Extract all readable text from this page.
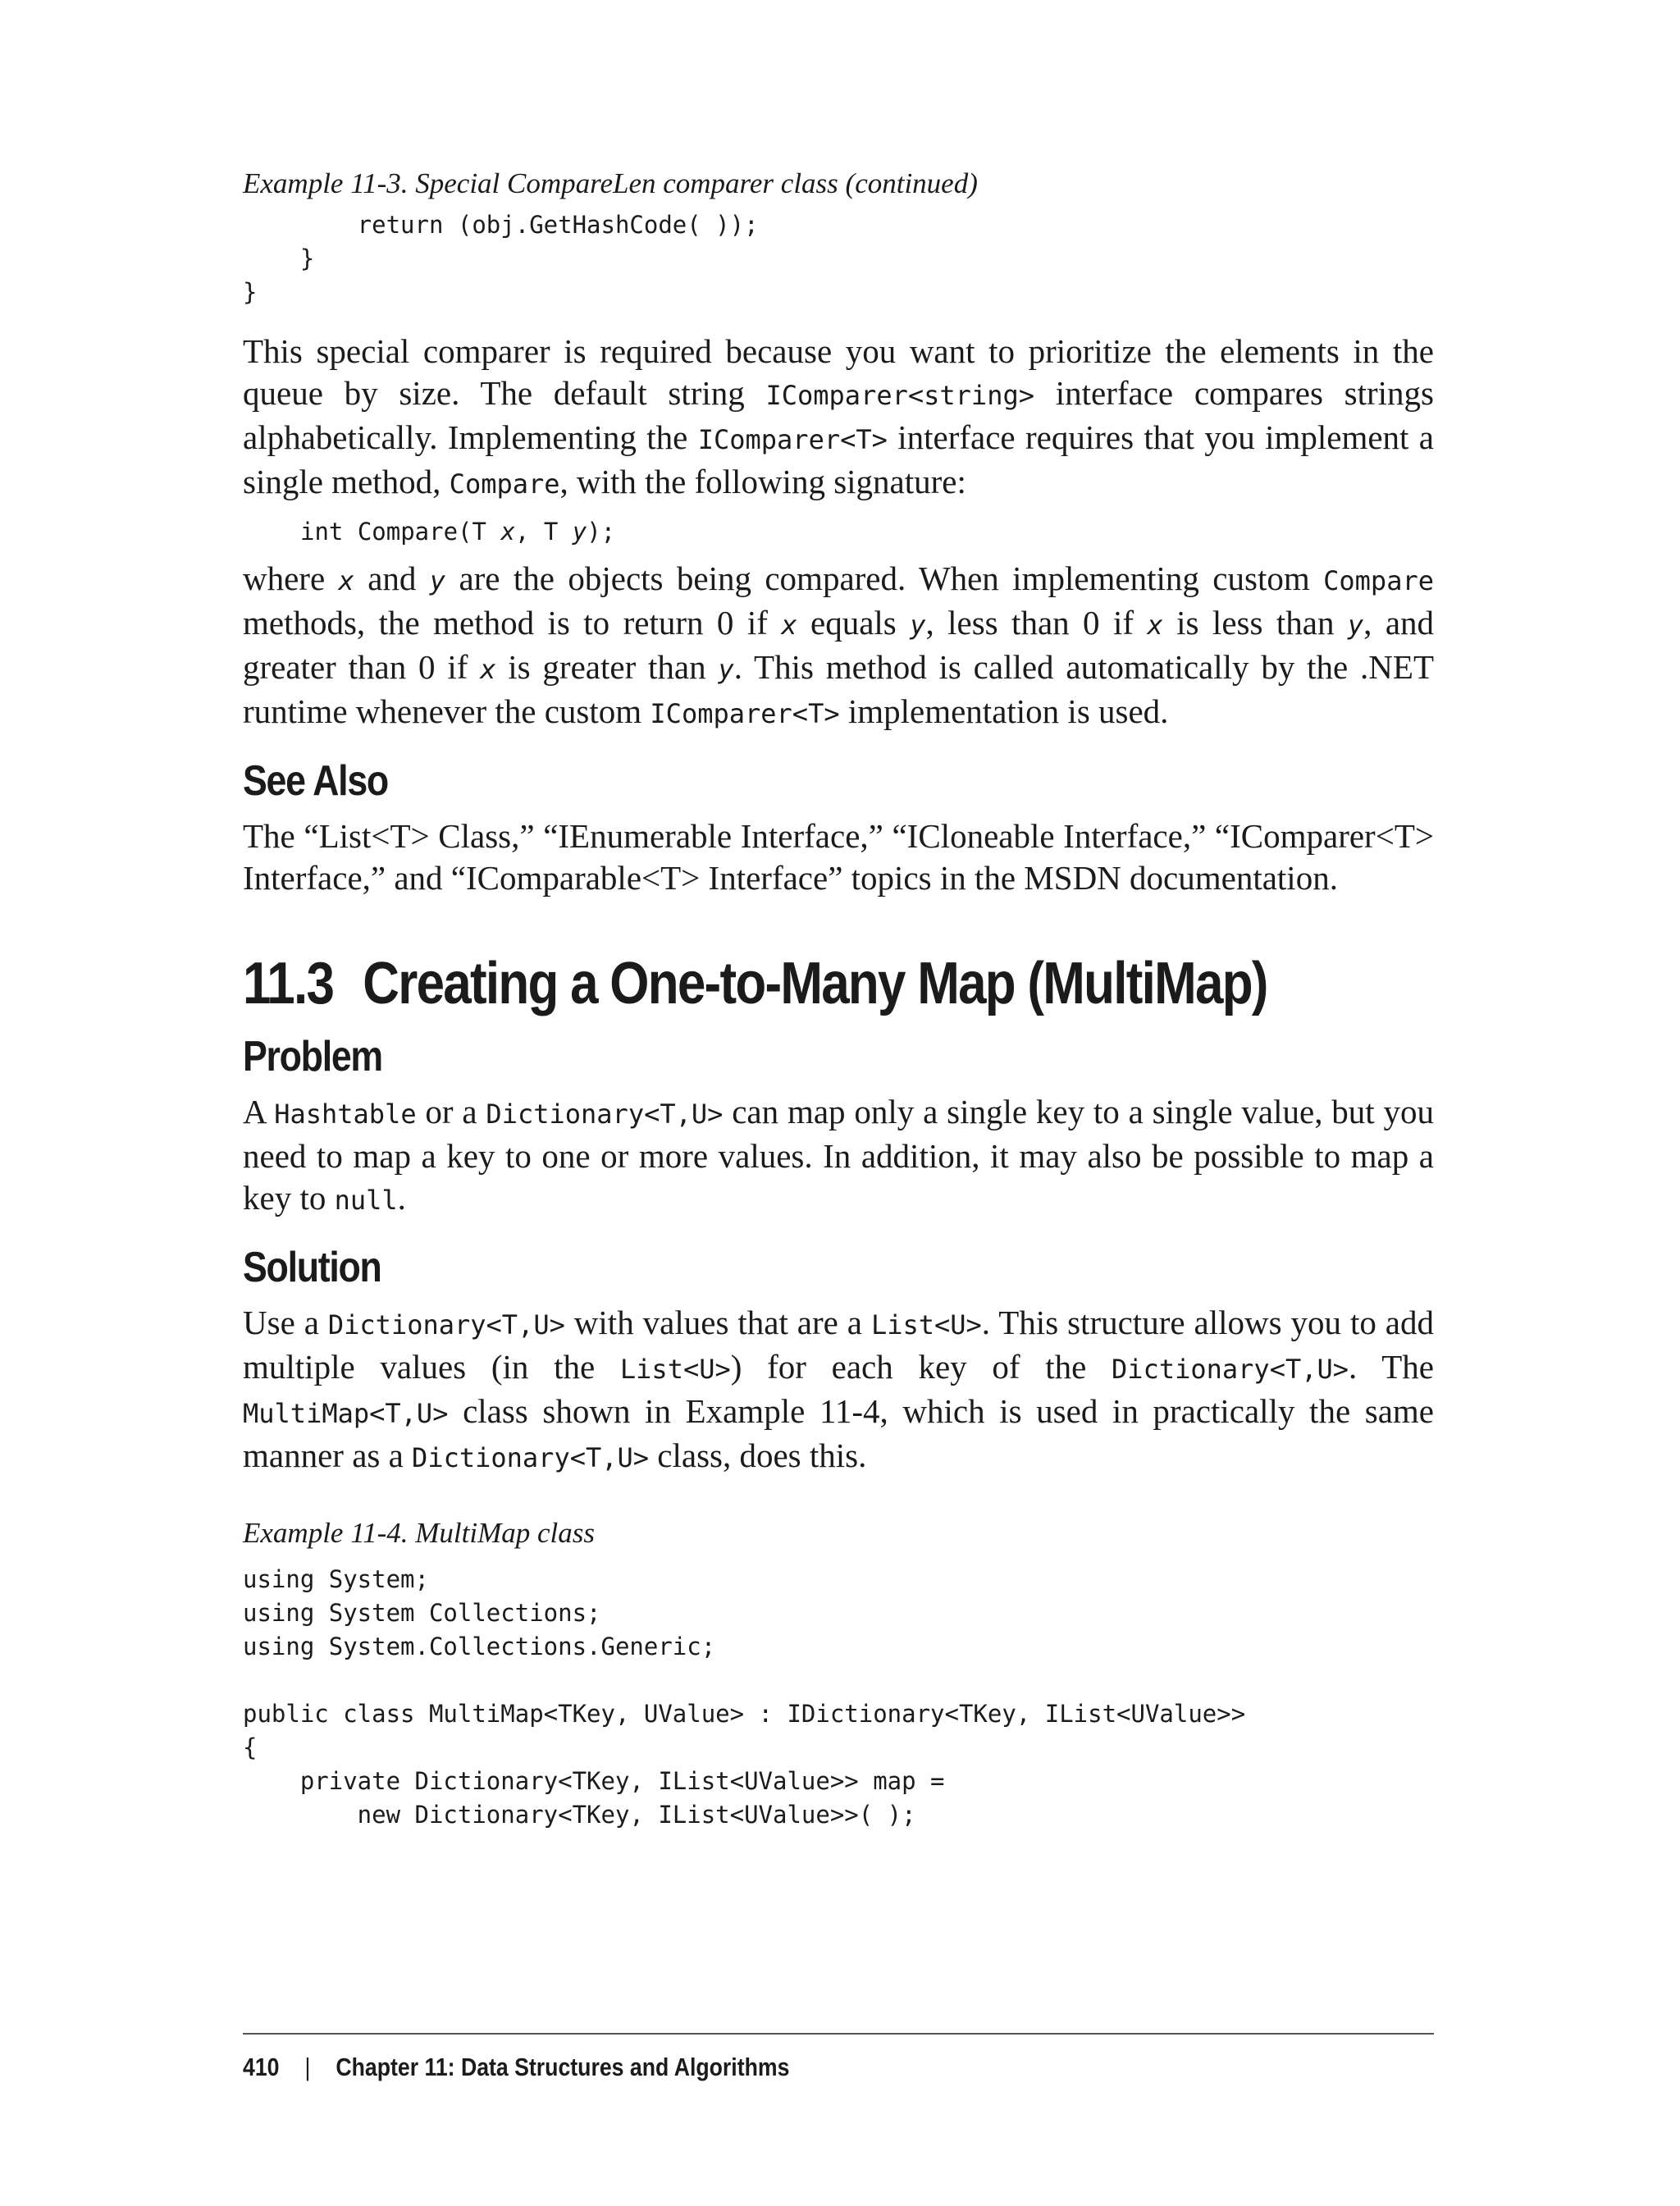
Example 11-3. Special CompareLen comparer class (continued)

return (obj.GetHashCode( ));
}
}

This special comparer is required because you want to prioritize the elements in the queue by size. The default string IComparer<string> interface compares strings alphabetically. Implementing the IComparer<T> interface requires that you implement a single method, Compare, with the following signature:

int Compare(T x, T y);

where x and y are the objects being compared. When implementing custom Compare methods, the method is to return 0 if x equals y, less than 0 if x is less than y, and greater than 0 if x is greater than y. This method is called automatically by the .NET runtime whenever the custom IComparer<T> implementation is used.

See Also

The “List<T> Class,” “IEnumerable Interface,” “ICloneable Interface,” “IComparer<T> Interface,” and “IComparable<T> Interface” topics in the MSDN documentation.

11.3 Creating a One-to-Many Map (MultiMap)
Problem

A Hashtable or a Dictionary<T,U> can map only a single key to a single value, but you need to map a key to one or more values. In addition, it may also be possible to map a key to null.

Solution

Use a Dictionary<T,U> with values that are a List<U>. This structure allows you to add multiple values (in the List<U>) for each key of the Dictionary<T,U>. The MultiMap<T,U> class shown in Example 11-4, which is used in practically the same manner as a Dictionary<T,U> class, does this.

Example 11-4. MultiMap class

using System;
using System Collections;
using System.Collections.Generic;

public class MultiMap<TKey, UValue> : IDictionary<TKey, IList<UValue>>
{
private Dictionary<TKey, IList<UValue>> map =
new Dictionary<TKey, IList<UValue>>( );
410 | Chapter 11: Data Structures and Algorithms
